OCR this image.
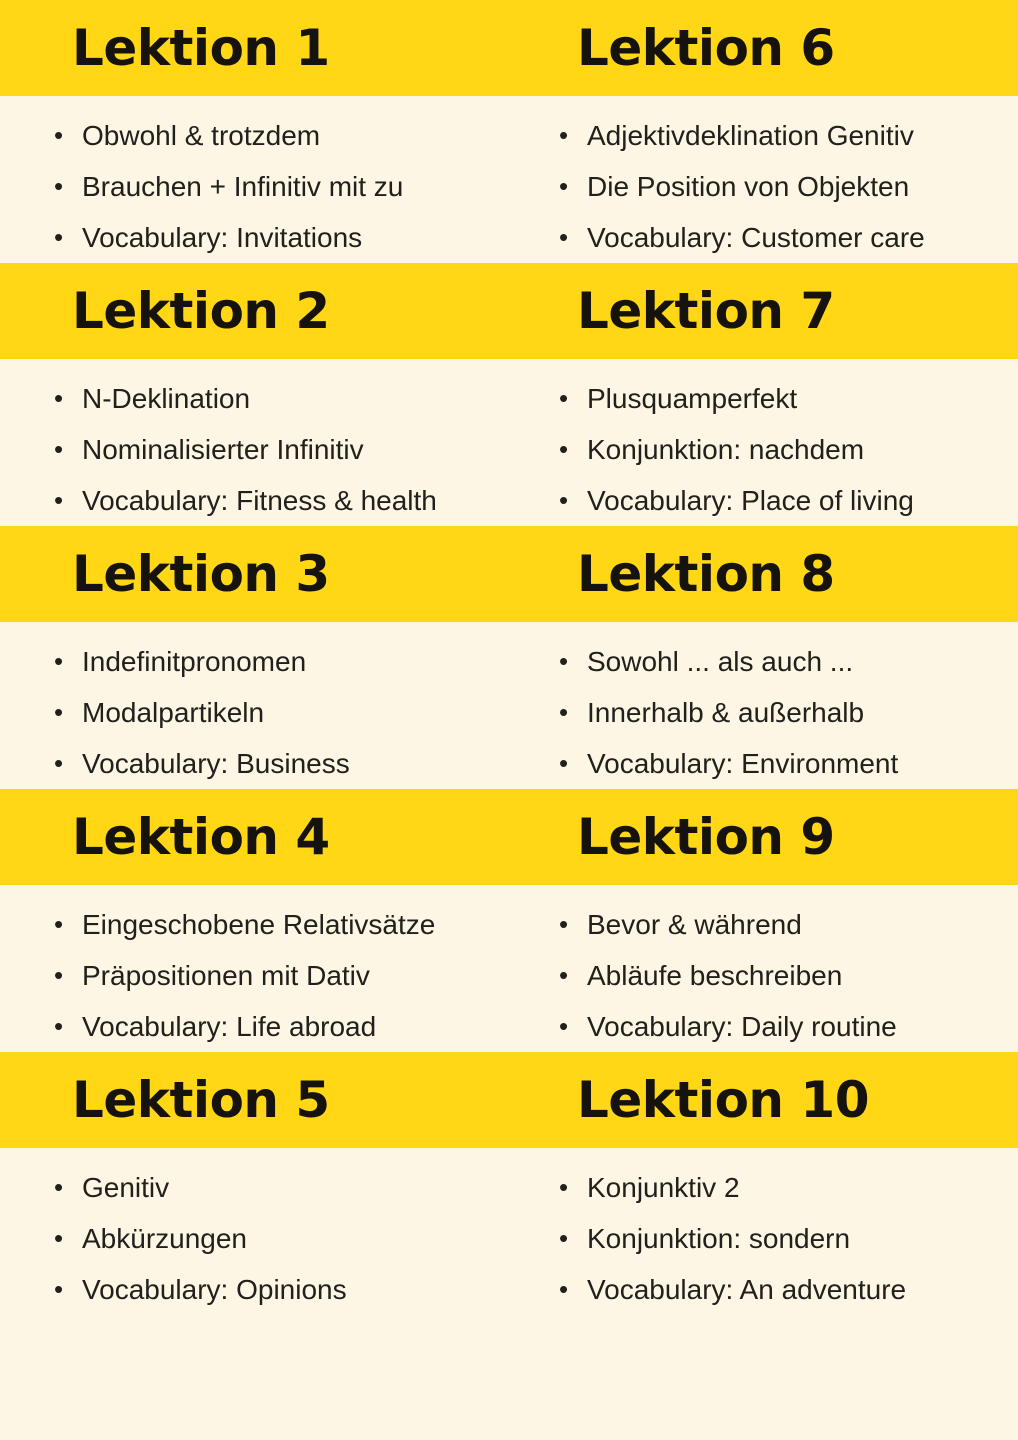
Lektion 1	Lektion 6
• Obwohl & trotzdem
• Brauchen + Infinitiv mit zu
• Vocabulary: Invitations
• Adjektivdeklination Genitiv
• Die Position von Objekten
• Vocabulary: Customer care
Lektion 2	Lektion 7
• N-Deklination
• Nominalisierter Infinitiv
• Vocabulary: Fitness & health
• Plusquamperfekt
• Konjunktion: nachdem
• Vocabulary: Place of living
Lektion 3	Lektion 8
• Indefinitpronomen
• Modalpartikeln
• Vocabulary: Business
• Sowohl ... als auch ...
• Innerhalb & außerhalb
• Vocabulary: Environment
Lektion 4	Lektion 9
• Eingeschobene Relativsätze
• Präpositionen mit Dativ
• Vocabulary: Life abroad
• Bevor & während
• Abläufe beschreiben
• Vocabulary: Daily routine
Lektion 5	Lektion 10
• Genitiv
• Abkürzungen
• Vocabulary: Opinions
• Konjunktiv 2
• Konjunktion: sondern
• Vocabulary: An adventure
